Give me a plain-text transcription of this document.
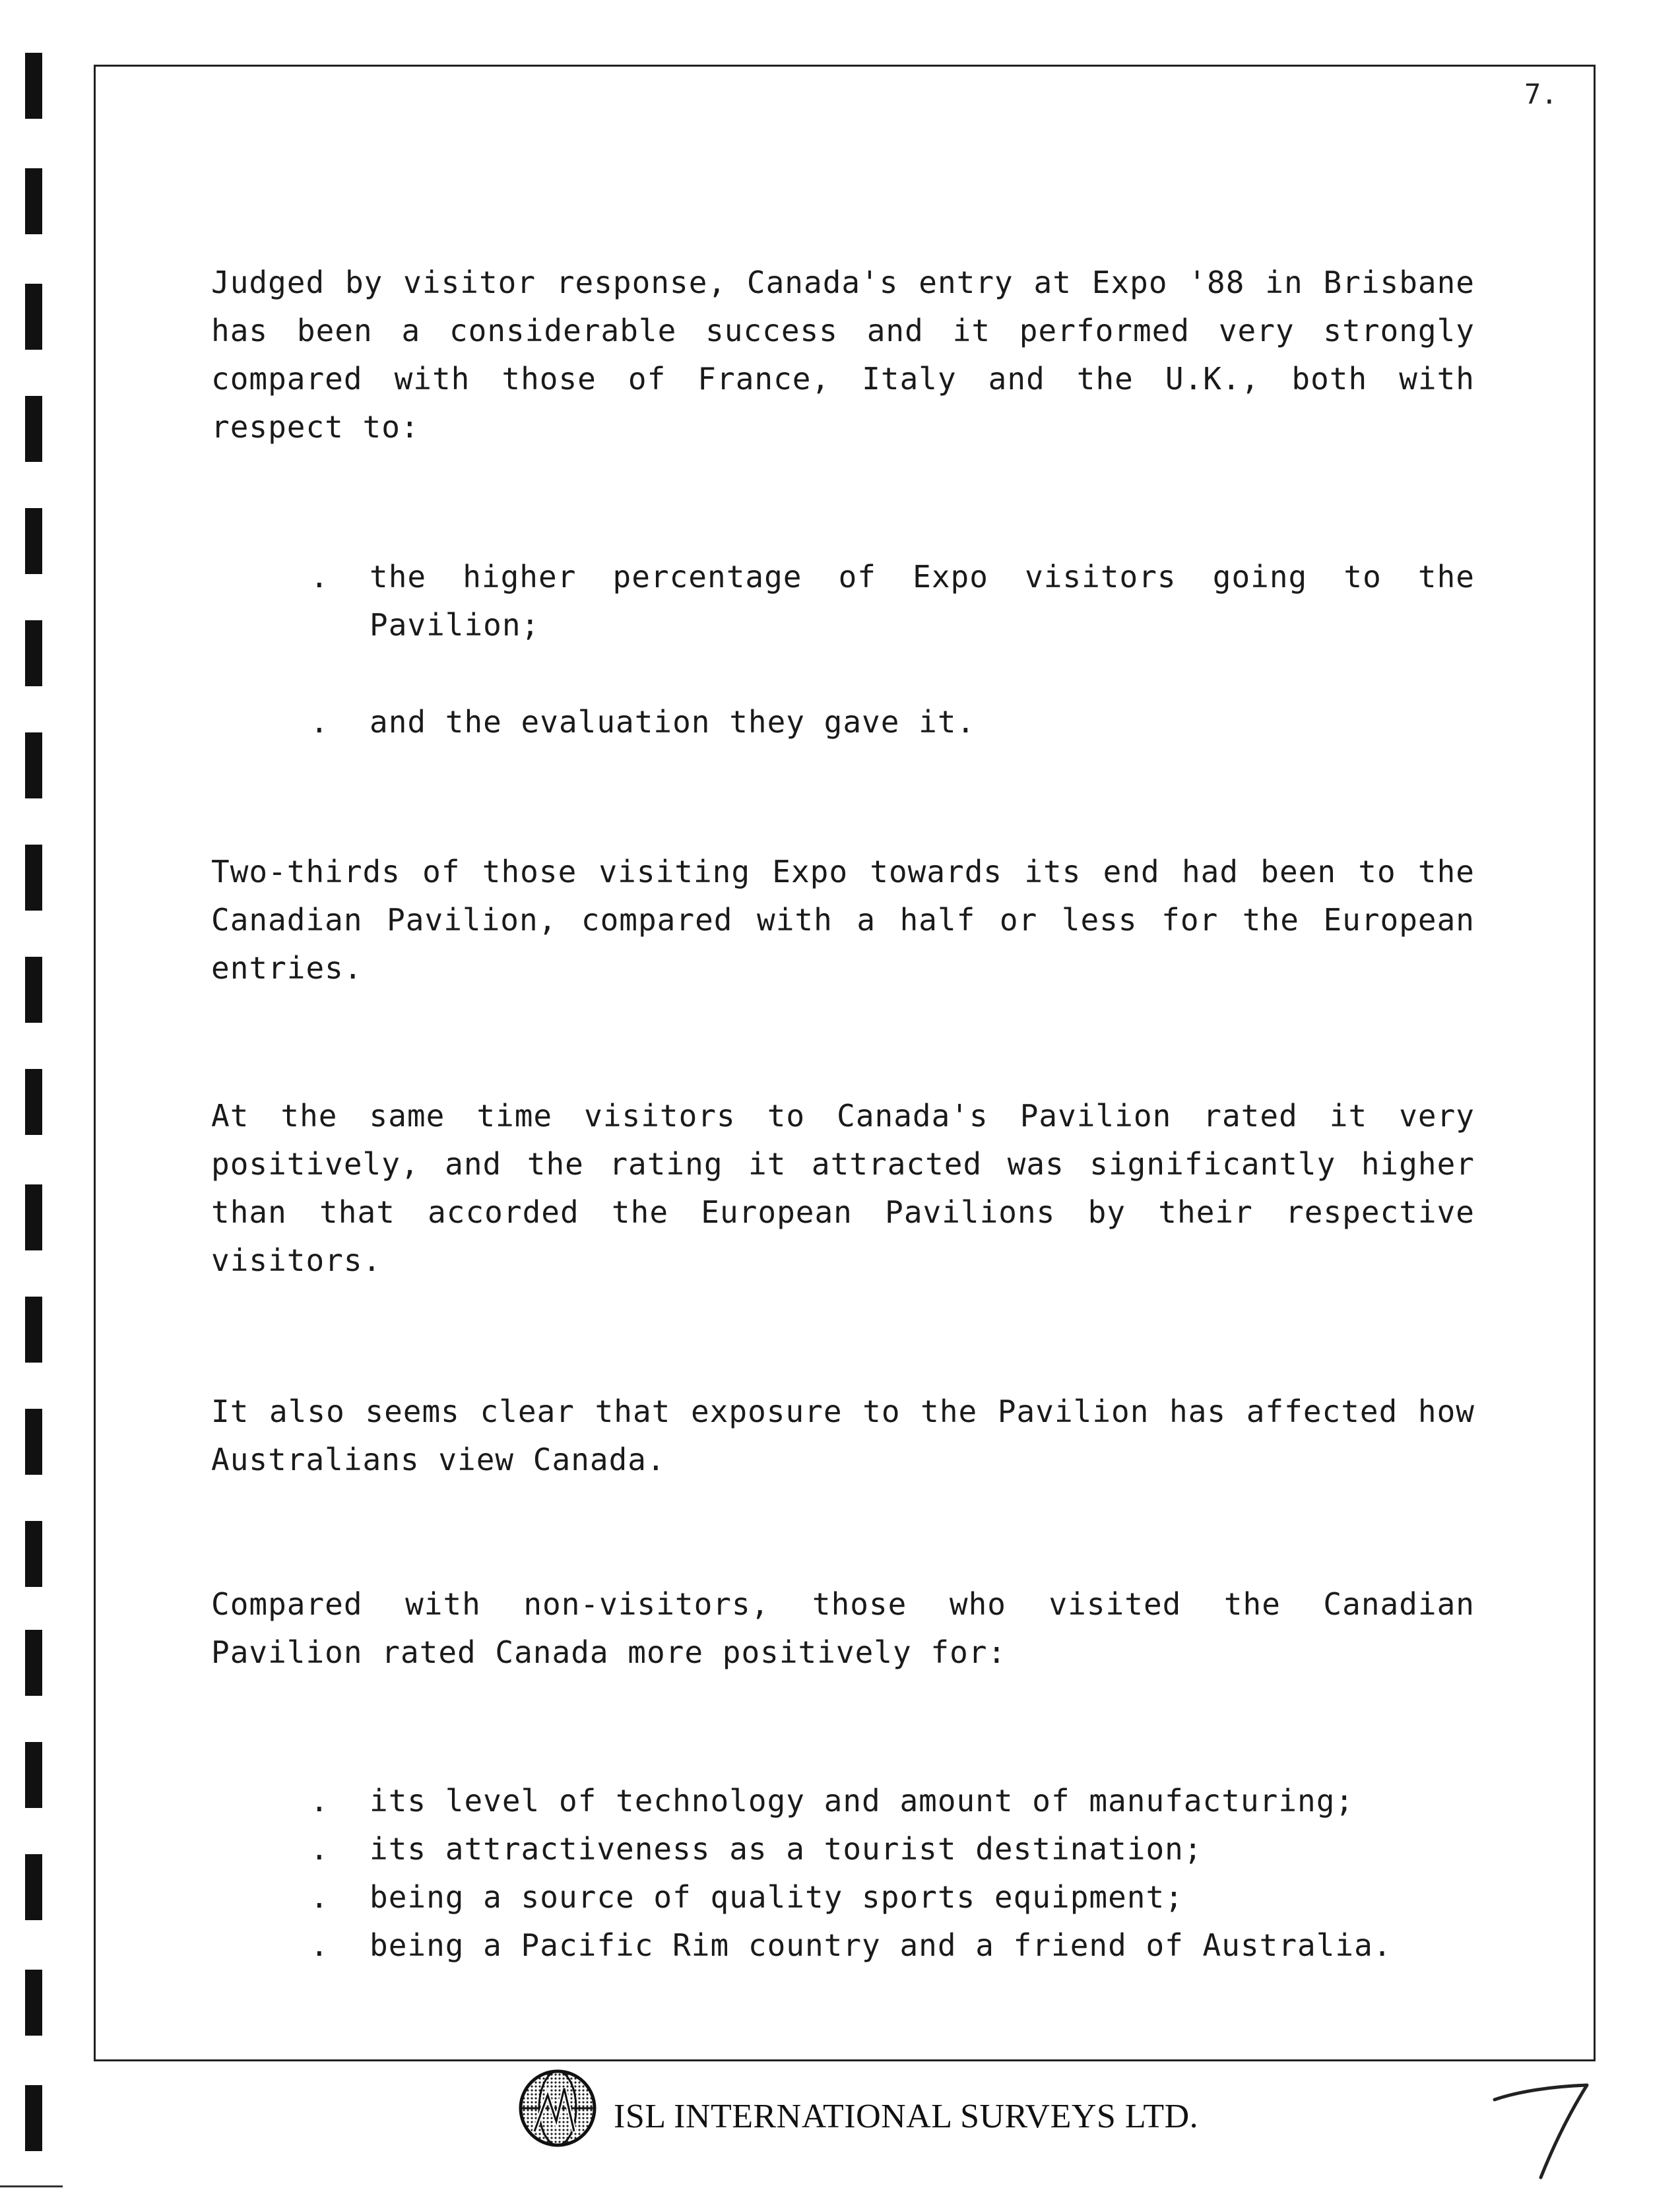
7.
Judged by visitor response, Canada's entry at Expo '88 in Brisbane has been a considerable success and it performed very strongly compared with those of France, Italy and the U.K., both with respect to:
. the higher percentage of Expo visitors going to the Pavilion;
. and the evaluation they gave it.
Two-thirds of those visiting Expo towards its end had been to the Canadian Pavilion, compared with a half or less for the European entries.
At the same time visitors to Canada's Pavilion rated it very positively, and the rating it attracted was significantly higher than that accorded the European Pavilions by their respective visitors.
It also seems clear that exposure to the Pavilion has affected how Australians view Canada.
Compared with non-visitors, those who visited the Canadian Pavilion rated Canada more positively for:
. its level of technology and amount of manufacturing;
. its attractiveness as a tourist destination;
. being a source of quality sports equipment;
. being a Pacific Rim country and a friend of Australia.
ISL INTERNATIONAL SURVEYS LTD.
